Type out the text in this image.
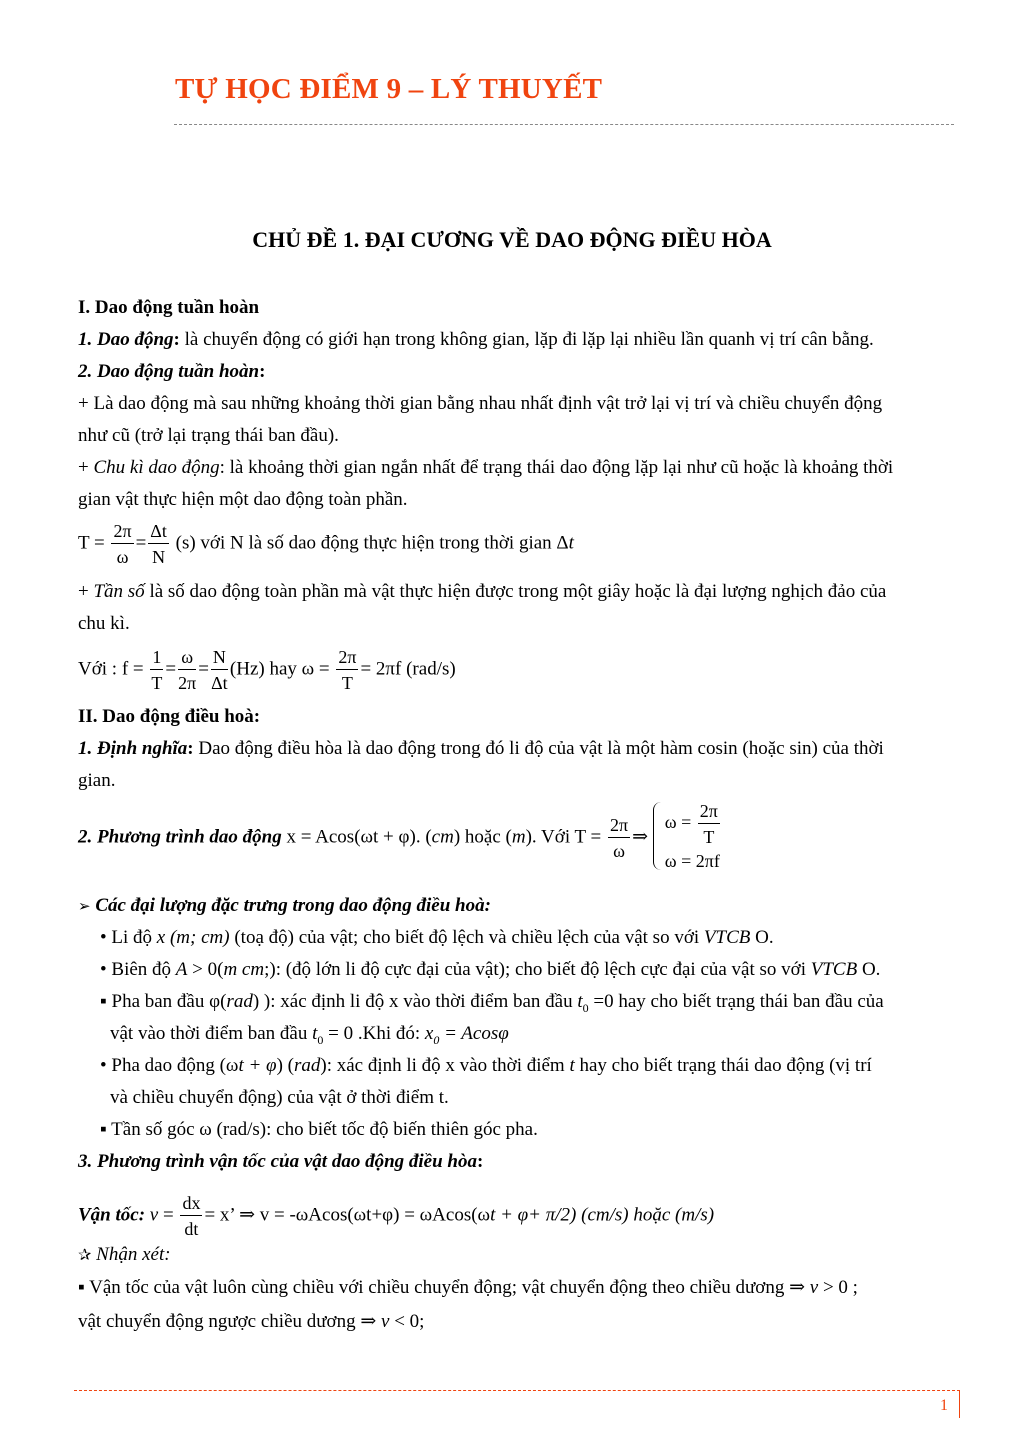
TỰ HỌC ĐIỂM 9 – LÝ THUYẾT
CHỦ ĐỀ 1. ĐẠI CƯƠNG VỀ DAO ĐỘNG ĐIỀU HÒA
I. Dao động tuần hoàn
1. Dao động: là chuyển động có giới hạn trong không gian, lặp đi lặp lại nhiều lần quanh vị trí cân bằng.
2. Dao động tuần hoàn:
+ Là dao động mà sau những khoảng thời gian bằng nhau nhất định vật trở lại vị trí và chiều chuyển động
như cũ (trở lại trạng thái ban đầu).
+ Chu kì dao động: là khoảng thời gian ngắn nhất để trạng thái dao động lặp lại như cũ hoặc là khoảng thời
gian vật thực hiện một dao động toàn phần.
$T = \frac{2\pi}{\omega} = \frac{\Delta t}{N} (s)$ với N là số dao động thực hiện trong thời gian Δt
+ Tần số là số dao động toàn phần mà vật thực hiện được trong một giây hoặc là đại lượng nghịch đảo của
chu kì.
Với : $f = \frac{1}{T} = \frac{\omega}{2\pi} = \frac{N}{\Delta t} (Hz)$ hay $\omega = \frac{2\pi}{T} = 2\pi f$ (rad/s)
II. Dao động điều hoà:
1. Định nghĩa: Dao động điều hòa là dao động trong đó li độ của vật là một hàm cosin (hoặc sin) của thời
gian.
2. Phương trình dao động x = Acos(ωt + φ). (cm) hoặc (m). Với $T = \frac{2\pi}{\omega}$ ⇒
$\omega = \frac{2\pi}{T}$
ω = 2πf
➢ Các đại lượng đặc trưng trong dao động điều hoà:
• Li độ x (m; cm) (toạ độ) của vật; cho biết độ lệch và chiều lệch của vật so với VTCB O.
• Biên độ A > 0(m cm;): (độ lớn li độ cực đại của vật); cho biết độ lệch cực đại của vật so với VTCB O.
▪ Pha ban đầu φ(rad) ): xác định li độ x vào thời điểm ban đầu $t_0 =0$ hay cho biết trạng thái ban đầu của
vật vào thời điểm ban đầu $t_0 = 0$ .Khi đó: $x_0 = Acos\varphi$
• Pha dao động (ωt + φ) (rad): xác định li độ x vào thời điểm t hay cho biết trạng thái dao động (vị trí
và chiều chuyển động) của vật ở thời điểm t.
▪ Tần số góc ω (rad/s): cho biết tốc độ biến thiên góc pha.
3. Phương trình vận tốc của vật dao động điều hòa:
Vận tốc: $v = \frac{dx}{dt} = x$’ ⇒ v = -ωAcos(ωt+φ) = ωAcos(ωt + φ+ π/2) (cm/s) hoặc (m/s)
✰ Nhận xét:
▪ Vận tốc của vật luôn cùng chiều với chiều chuyển động; vật chuyển động theo chiều dương ⇒ v > 0 ;
vật chuyển động ngược chiều dương ⇒ v < 0;
1
